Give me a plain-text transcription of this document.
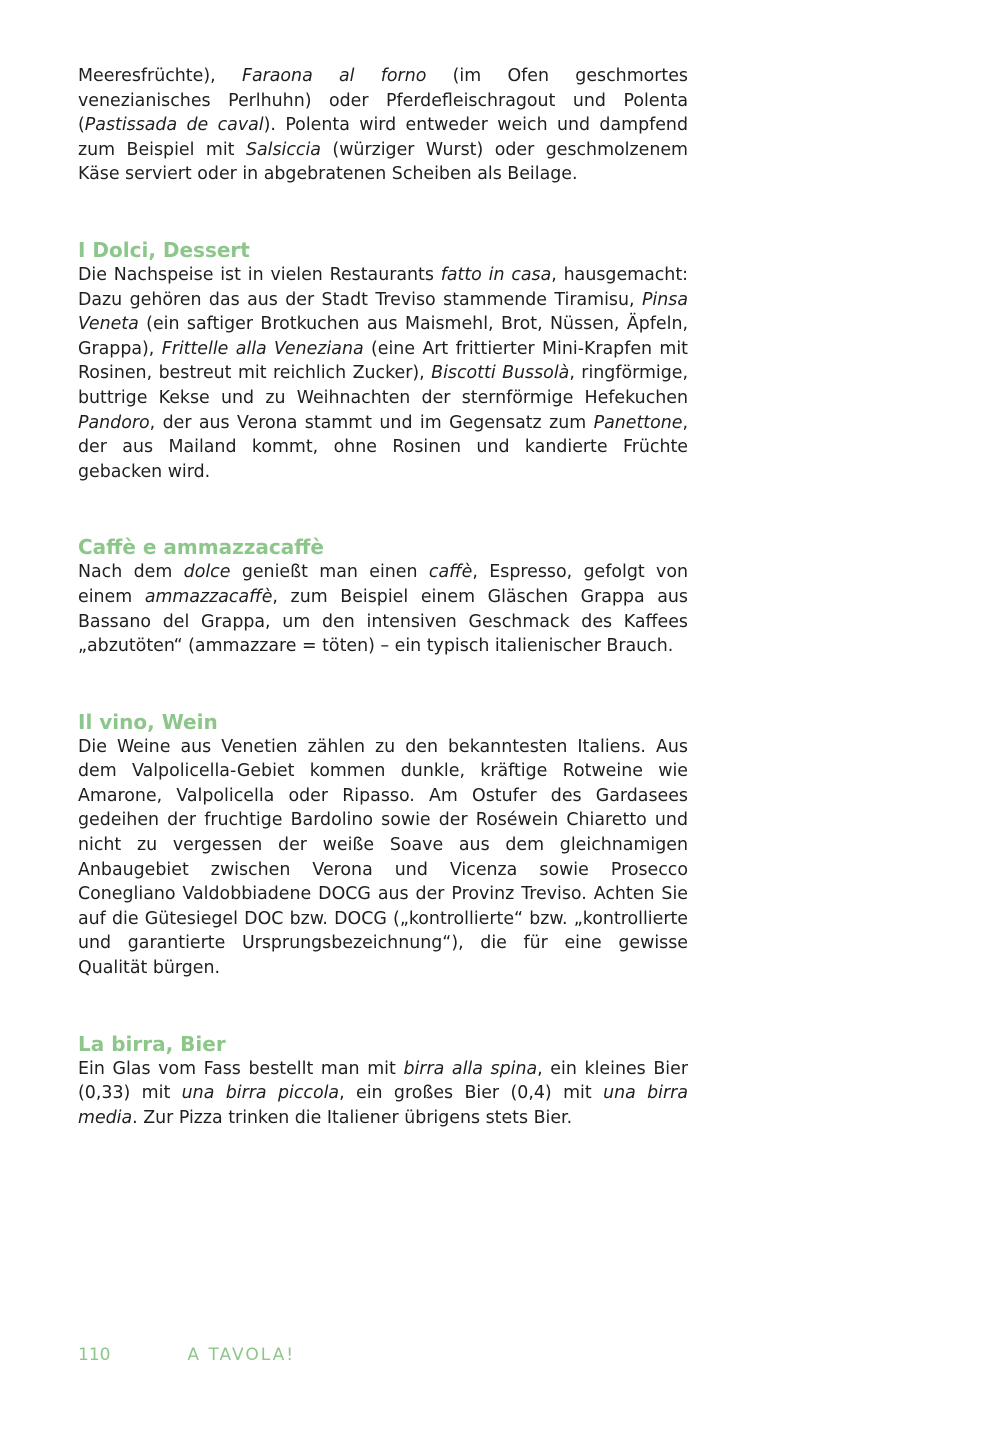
Meeresfrüchte), Faraona al forno (im Ofen geschmortes venezianisches Perlhuhn) oder Pferdefleischragout und Polenta (Pastissada de caval). Polenta wird entweder weich und dampfend zum Beispiel mit Salsiccia (würziger Wurst) oder geschmolzenem Käse serviert oder in abgebratenen Scheiben als Beilage.

I Dolci, Dessert

Die Nachspeise ist in vielen Restaurants fatto in casa, hausgemacht: Dazu gehören das aus der Stadt Treviso stammende Tiramisu, Pinsa Veneta (ein saftiger Brotkuchen aus Maismehl, Brot, Nüssen, Äpfeln, Grappa), Frittelle alla Veneziana (eine Art frittierter Mini-Krapfen mit Rosinen, bestreut mit reichlich Zucker), Biscotti Bussolà, ringförmige, buttrige Kekse und zu Weihnachten der sternförmige Hefekuchen Pandoro, der aus Verona stammt und im Gegensatz zum Panettone, der aus Mailand kommt, ohne Rosinen und kandierte Früchte gebacken wird.

Caffè e ammazzacaffè

Nach dem dolce genießt man einen caffè, Espresso, gefolgt von einem ammazzacaffè, zum Beispiel einem Gläschen Grappa aus Bassano del Grappa, um den intensiven Geschmack des Kaffees „abzutöten“ (ammazzare = töten) – ein typisch italienischer Brauch.

Il vino, Wein

Die Weine aus Venetien zählen zu den bekanntesten Italiens. Aus dem Valpolicella-Gebiet kommen dunkle, kräftige Rotweine wie Amarone, Valpolicella oder Ripasso. Am Ostufer des Gardasees gedeihen der fruchtige Bardolino sowie der Roséwein Chiaretto und nicht zu vergessen der weiße Soave aus dem gleichnamigen Anbaugebiet zwischen Verona und Vicenza sowie Prosecco Conegliano Valdobbiadene DOCG aus der Provinz Treviso. Achten Sie auf die Gütesiegel DOC bzw. DOCG („kontrollierte“ bzw. „kontrollierte und garantierte Ursprungsbezeichnung“), die für eine gewisse Qualität bürgen.

La birra, Bier

Ein Glas vom Fass bestellt man mit birra alla spina, ein kleines Bier (0,33) mit una birra piccola, ein großes Bier (0,4) mit una birra media. Zur Pizza trinken die Italiener übrigens stets Bier.

110	A TAVOLA!
